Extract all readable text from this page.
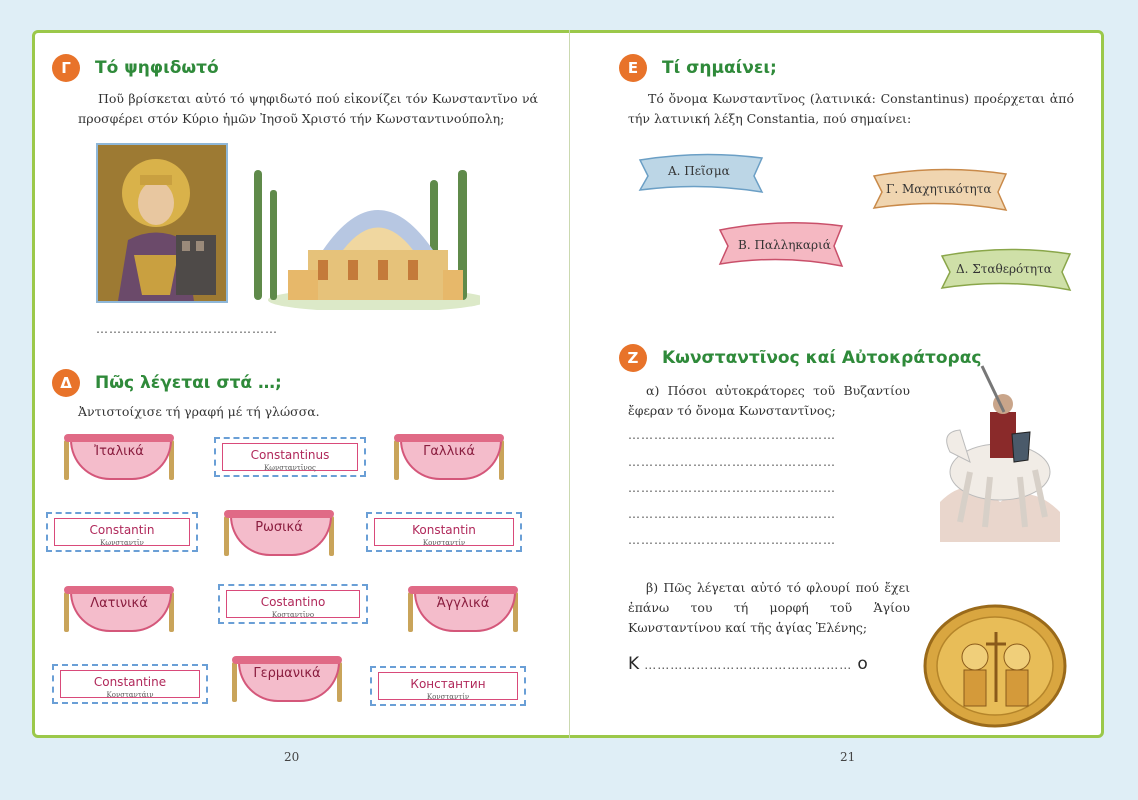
Γ	Τό ψηφιδωτό
Ποῦ βρίσκεται αὐτό τό ψηφιδωτό πού εἰκονίζει τόν Κωνσταντῖνο νά προσφέρει στόν Κύριο ἡμῶν Ἰησοῦ Χριστό τήν Κωνσταντινούπολη;
……………………………………
Δ	Πῶς λέγεται στά …;
Ἀντιστοίχισε τή γραφή μέ τή γλώσσα.
Ἰταλικά	Constantinus
Κωνσταντῖνος
Γαλλικά
Constantin
Κωνσταντῖν
Ρωσικά	Konstantin
Κονσταντίν
Λατινικά	Costantino
Κοσταντῖνο
Ἀγγλικά
Constantine
Κονσταντάιν
Γερμανικά
Константин
Κονσταντίν
20
Ε	Τί σημαίνει;
Τό ὄνομα Κωνσταντῖνος (λατινικά: Constantinus) προέρχεται ἀπό τήν λατινική λέξη Constantia, πού σημαίνει:
Α. Πεῖσμα
Γ. Μαχητικότητα
Β. Παλληκαριά
Δ. Σταθερότητα
Ζ	Κωνσταντῖνος καί Αὐτοκράτορας
α) Πόσοι αὐτοκράτορες τοῦ Βυζαντίου ἔφεραν τό ὄνομα Κωνσταντῖνος;
…………………………………………
…………………………………………
…………………………………………
…………………………………………
…………………………………………
β) Πῶς λέγεται αὐτό τό φλουρί πού ἔχει ἐπάνω του τή μορφή τοῦ Ἁγίου Κωνσταντίνου καί τῆς ἁγίας Ἑλένης;
Κ ………………………………………… ο
21
